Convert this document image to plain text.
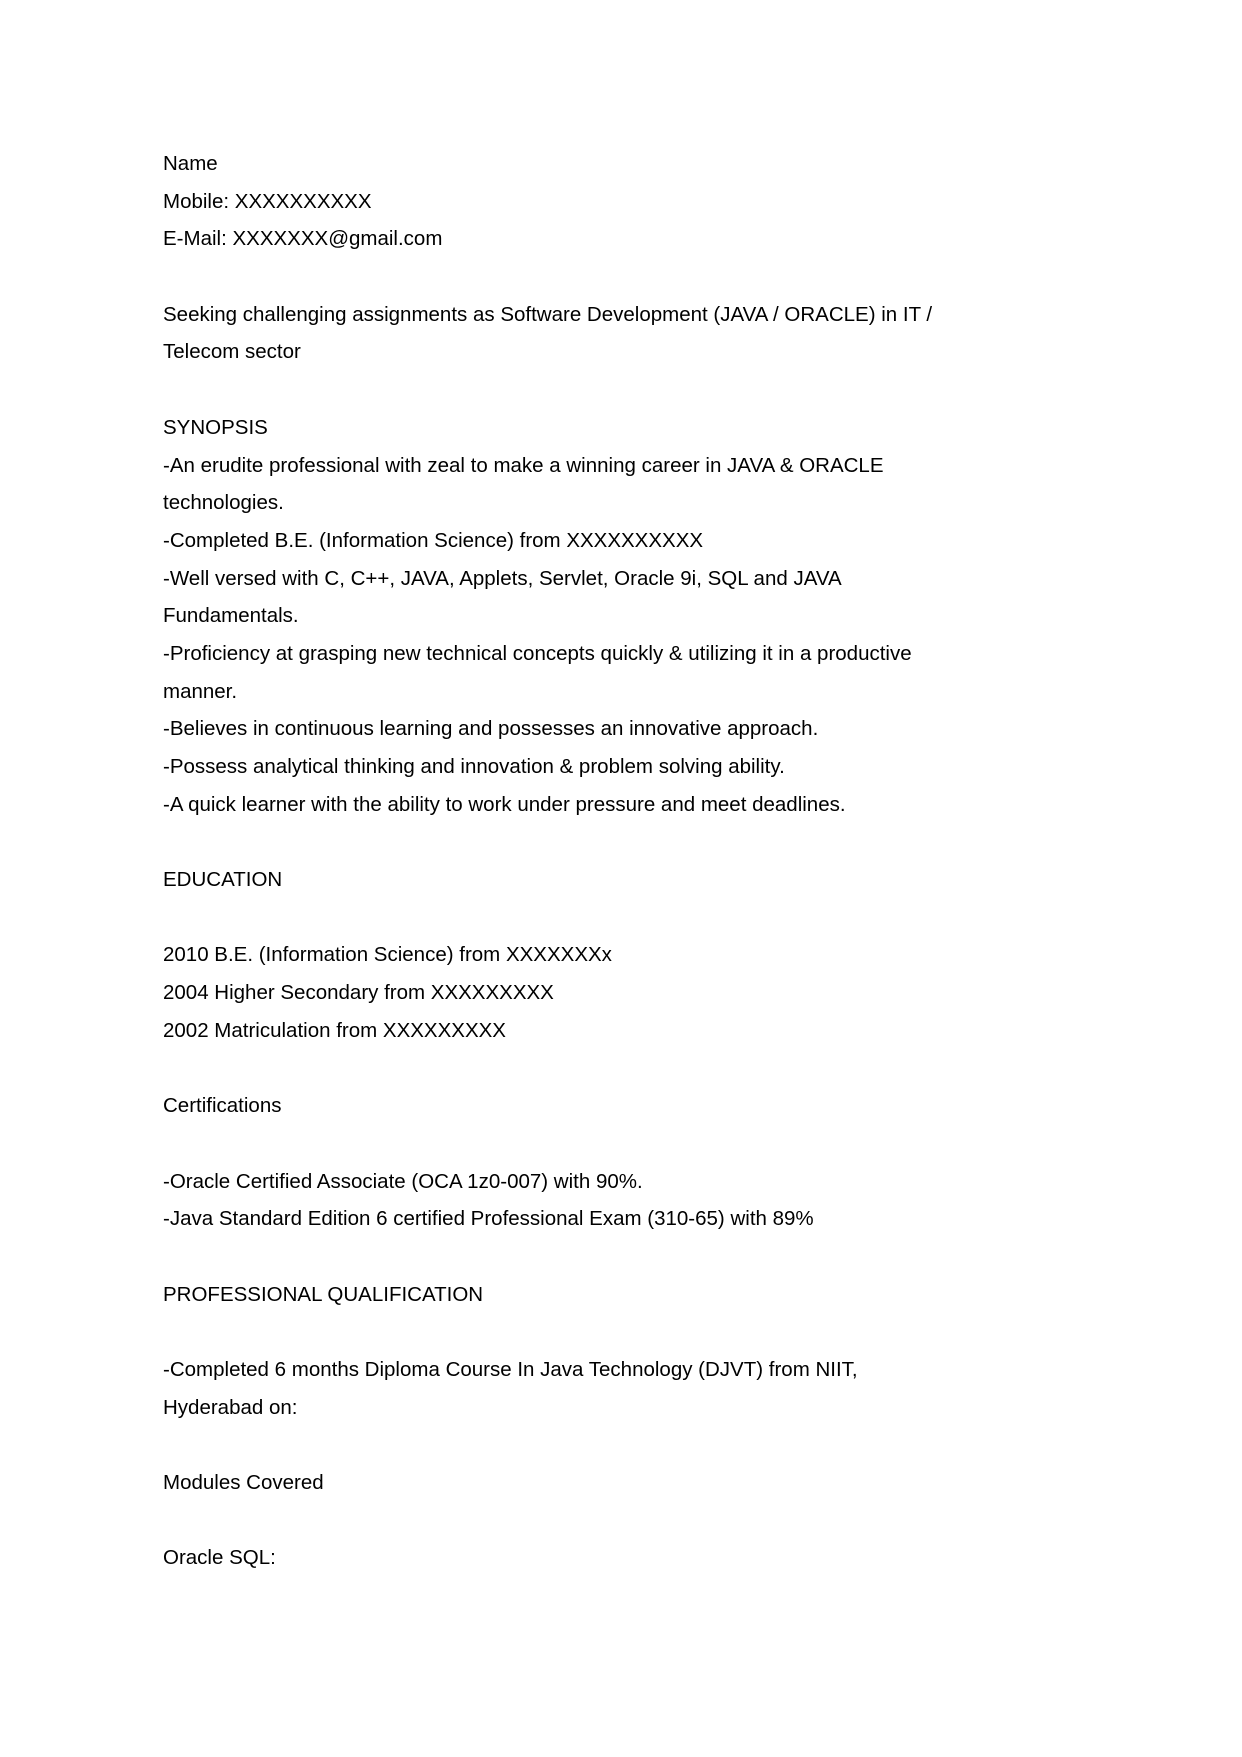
Name
Mobile: XXXXXXXXXX
E-Mail: XXXXXXX@gmail.com
Seeking challenging assignments as Software Development (JAVA / ORACLE) in IT /
Telecom sector
SYNOPSIS
-An erudite professional with zeal to make a winning career in JAVA & ORACLE
technologies.
-Completed B.E. (Information Science) from XXXXXXXXXX
-Well versed with C, C++, JAVA, Applets, Servlet, Oracle 9i, SQL and JAVA
Fundamentals.
-Proficiency at grasping new technical concepts quickly & utilizing it in a productive
manner.
-Believes in continuous learning and possesses an innovative approach.
-Possess analytical thinking and innovation & problem solving ability.
-A quick learner with the ability to work under pressure and meet deadlines.
EDUCATION
2010 B.E. (Information Science) from XXXXXXXx
2004 Higher Secondary from XXXXXXXXX
2002 Matriculation from XXXXXXXXX
Certifications
-Oracle Certified Associate (OCA 1z0-007) with 90%.
-Java Standard Edition 6 certified Professional Exam (310-65) with 89%
PROFESSIONAL QUALIFICATION
-Completed 6 months Diploma Course In Java Technology (DJVT) from NIIT,
Hyderabad on:
Modules Covered
Oracle SQL:
